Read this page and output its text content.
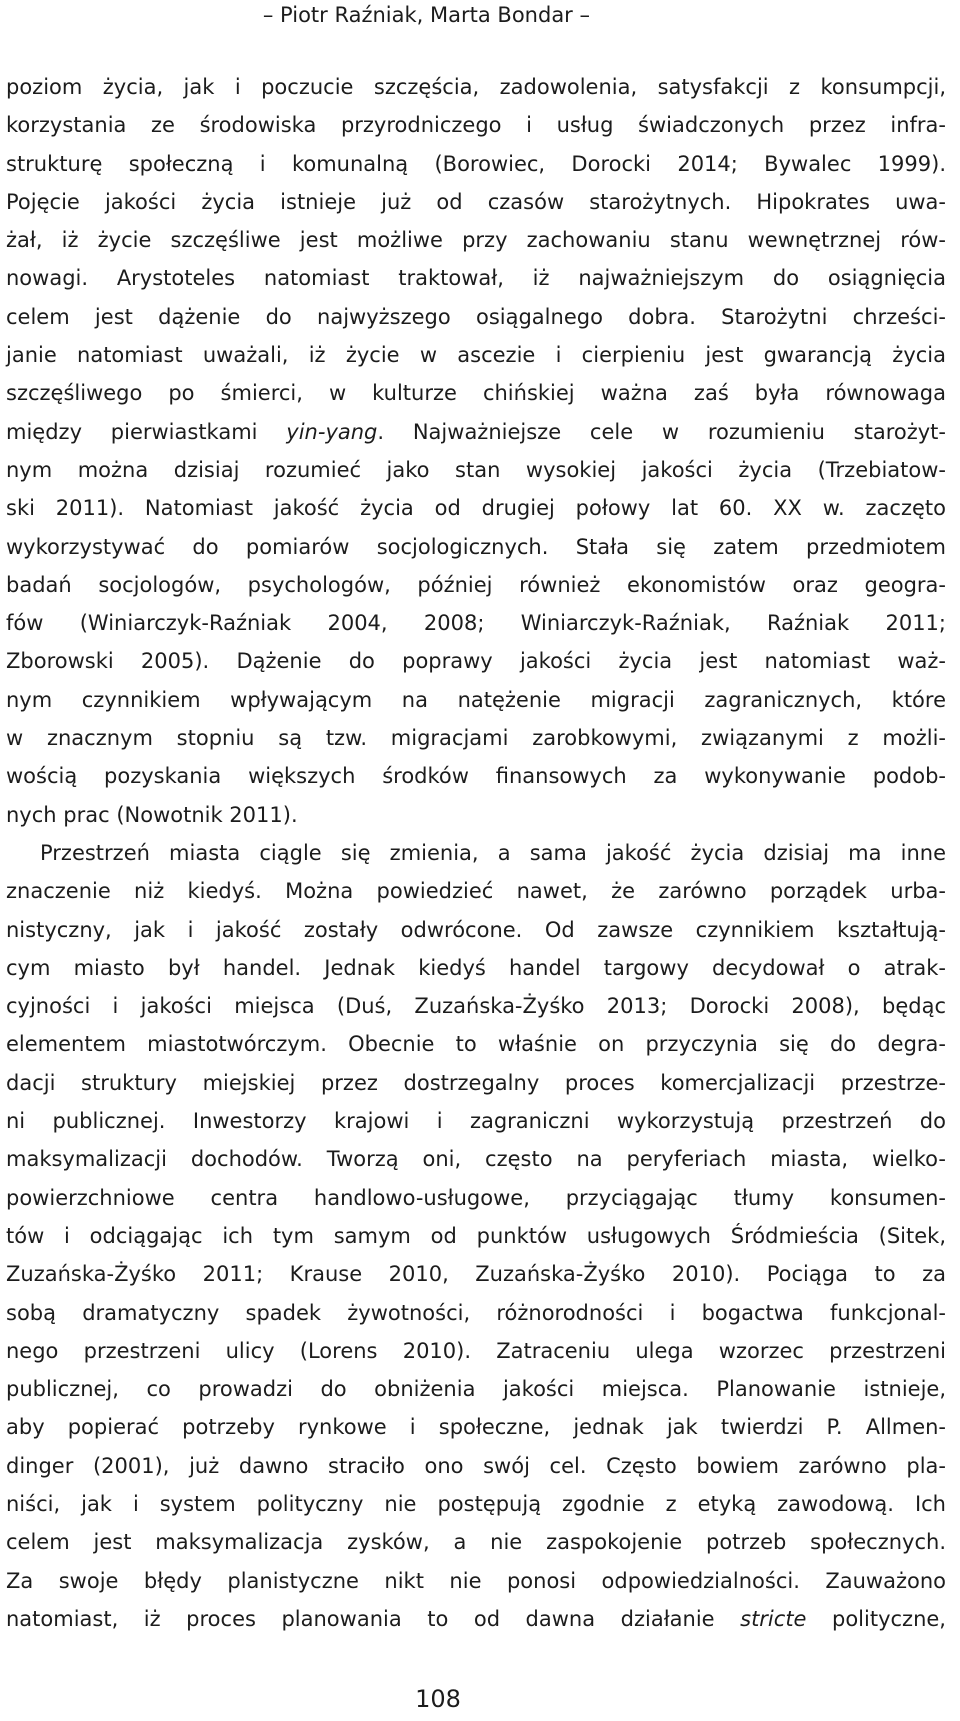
– Piotr Raźniak, Marta Bondar –
poziom życia, jak i poczucie szczęścia, zadowolenia, satysfakcji z konsumpcji,
korzystania ze środowiska przyrodniczego i usług świadczonych przez infra-
strukturę społeczną i komunalną (Borowiec, Dorocki 2014; Bywalec 1999).
Pojęcie jakości życia istnieje już od czasów starożytnych. Hipokrates uwa-
żał, iż życie szczęśliwe jest możliwe przy zachowaniu stanu wewnętrznej rów-
nowagi. Arystoteles natomiast traktował, iż najważniejszym do osiągnięcia
celem jest dążenie do najwyższego osiągalnego dobra. Starożytni chrześci-
janie natomiast uważali, iż życie w ascezie i cierpieniu jest gwarancją życia
szczęśliwego po śmierci, w kulturze chińskiej ważna zaś była równowaga
między pierwiastkami yin-yang. Najważniejsze cele w rozumieniu starożyt-
nym można dzisiaj rozumieć jako stan wysokiej jakości życia (Trzebiatow-
ski 2011). Natomiast jakość życia od drugiej połowy lat 60. XX w. zaczęto
wykorzystywać do pomiarów socjologicznych. Stała się zatem przedmiotem
badań socjologów, psychologów, później również ekonomistów oraz geogra-
fów (Winiarczyk-Raźniak 2004, 2008; Winiarczyk-Raźniak, Raźniak 2011;
Zborowski 2005). Dążenie do poprawy jakości życia jest natomiast waż-
nym czynnikiem wpływającym na natężenie migracji zagranicznych, które
w znacznym stopniu są tzw. migracjami zarobkowymi, związanymi z możli-
wością pozyskania większych środków finansowych za wykonywanie podob-
nych prac (Nowotnik 2011).
Przestrzeń miasta ciągle się zmienia, a sama jakość życia dzisiaj ma inne
znaczenie niż kiedyś. Można powiedzieć nawet, że zarówno porządek urba-
nistyczny, jak i jakość zostały odwrócone. Od zawsze czynnikiem kształtują-
cym miasto był handel. Jednak kiedyś handel targowy decydował o atrak-
cyjności i jakości miejsca (Duś, Zuzańska-Żyśko 2013; Dorocki 2008), będąc
elementem miastotwórczym. Obecnie to właśnie on przyczynia się do degra-
dacji struktury miejskiej przez dostrzegalny proces komercjalizacji przestrze-
ni publicznej. Inwestorzy krajowi i zagraniczni wykorzystują przestrzeń do
maksymalizacji dochodów. Tworzą oni, często na peryferiach miasta, wielko-
powierzchniowe centra handlowo-usługowe, przyciągając tłumy konsumen-
tów i odciągając ich tym samym od punktów usługowych Śródmieścia (Sitek,
Zuzańska-Żyśko 2011; Krause 2010, Zuzańska-Żyśko 2010). Pociąga to za
sobą dramatyczny spadek żywotności, różnorodności i bogactwa funkcjonal-
nego przestrzeni ulicy (Lorens 2010). Zatraceniu ulega wzorzec przestrzeni
publicznej, co prowadzi do obniżenia jakości miejsca. Planowanie istnieje,
aby popierać potrzeby rynkowe i społeczne, jednak jak twierdzi P. Allmen-
dinger (2001), już dawno straciło ono swój cel. Często bowiem zarówno pla-
niści, jak i system polityczny nie postępują zgodnie z etyką zawodową. Ich
celem jest maksymalizacja zysków, a nie zaspokojenie potrzeb społecznych.
Za swoje błędy planistyczne nikt nie ponosi odpowiedzialności. Zauważono
natomiast, iż proces planowania to od dawna działanie stricte polityczne,
108
